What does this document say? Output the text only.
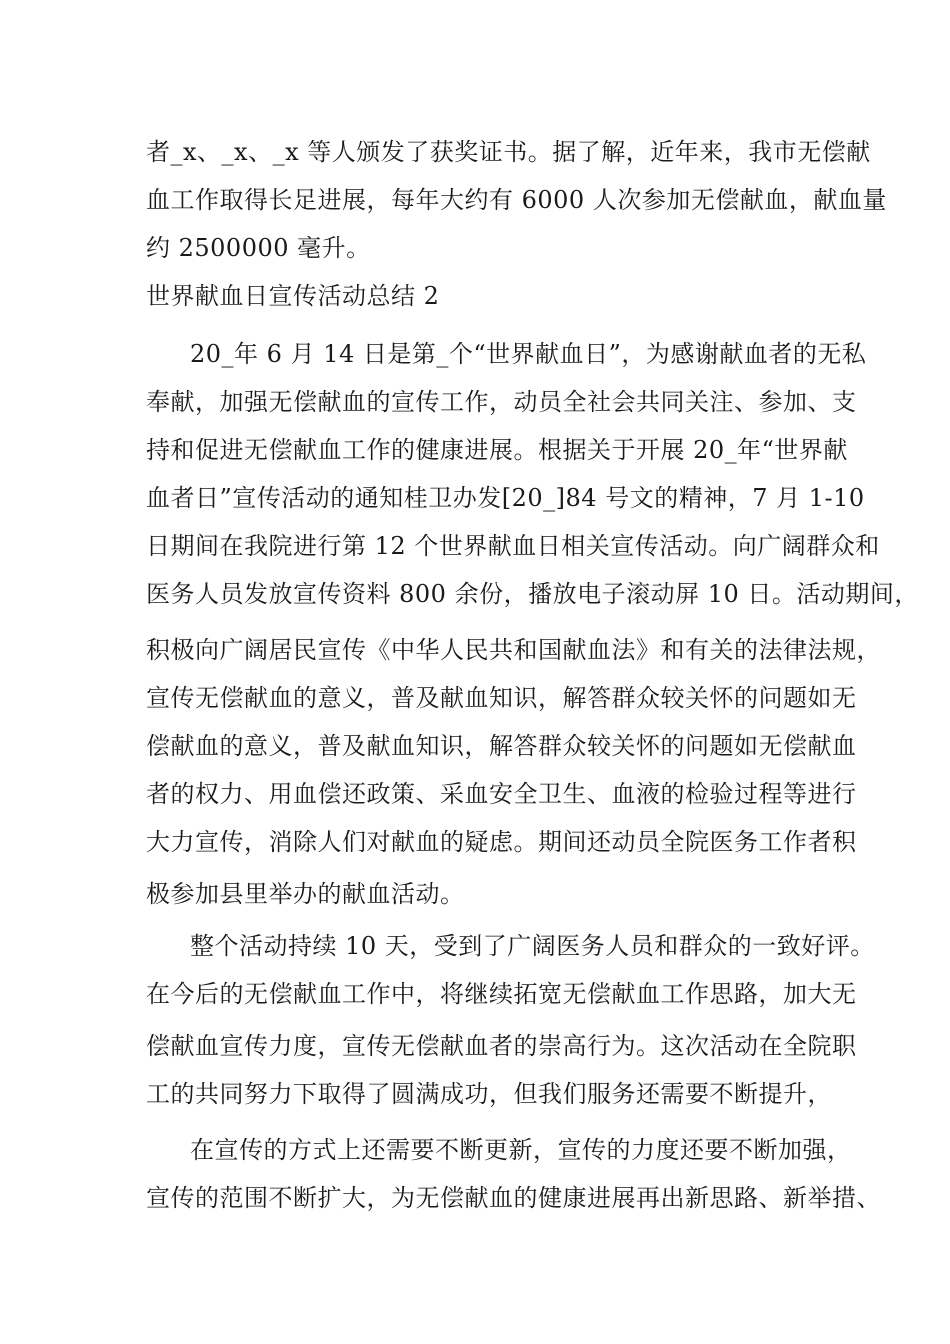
者_x、_x、_x 等人颁发了获奖证书。据了解，近年来，我市无偿献
血工作取得长足进展，每年大约有 6000 人次参加无偿献血，献血量
约 2500000 毫升。
世界献血日宣传活动总结 2
20_年 6 月 14 日是第_个“世界献血日”，为感谢献血者的无私
奉献，加强无偿献血的宣传工作，动员全社会共同关注、参加、支
持和促进无偿献血工作的健康进展。根据关于开展 20_年“世界献
血者日”宣传活动的通知桂卫办发[20_]84 号文的精神，7 月 1-10
日期间在我院进行第 12 个世界献血日相关宣传活动。向广阔群众和
医务人员发放宣传资料 800 余份，播放电子滚动屏 10 日。活动期间，
积极向广阔居民宣传《中华人民共和国献血法》和有关的法律法规，
宣传无偿献血的意义，普及献血知识，解答群众较关怀的问题如无
偿献血的意义，普及献血知识，解答群众较关怀的问题如无偿献血
者的权力、用血偿还政策、采血安全卫生、血液的检验过程等进行
大力宣传，消除人们对献血的疑虑。期间还动员全院医务工作者积
极参加县里举办的献血活动。
整个活动持续 10 天，受到了广阔医务人员和群众的一致好评。
在今后的无偿献血工作中，将继续拓宽无偿献血工作思路，加大无
偿献血宣传力度，宣传无偿献血者的崇高行为。这次活动在全院职
工的共同努力下取得了圆满成功，但我们服务还需要不断提升，
在宣传的方式上还需要不断更新，宣传的力度还要不断加强，
宣传的范围不断扩大，为无偿献血的健康进展再出新思路、新举措、
